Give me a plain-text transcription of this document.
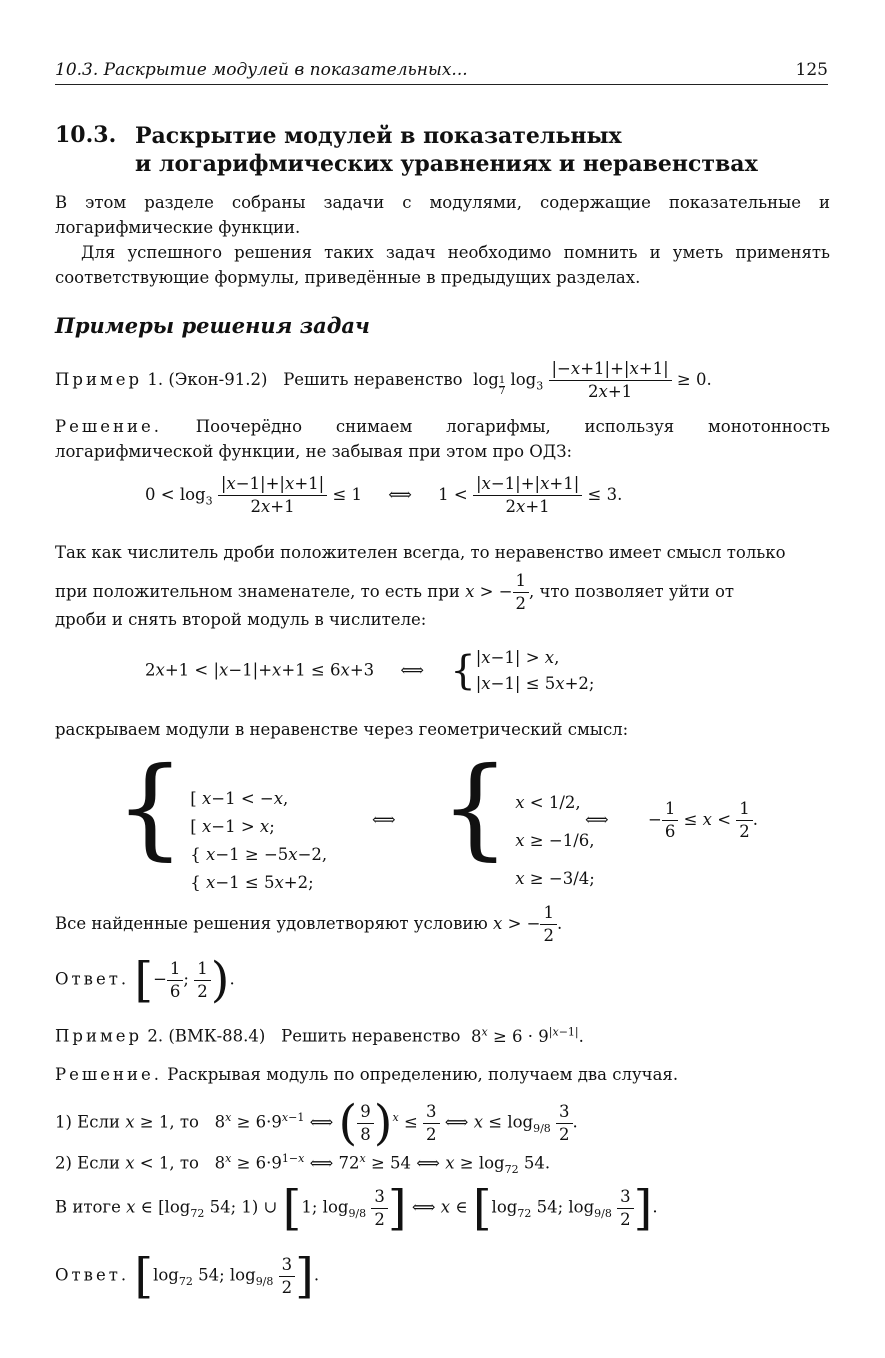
10.3. Раскрытие модулей в показательных...	125
10.3. Раскрытие модулей в показательных
и логарифмических уравнениях и неравенствах
В этом разделе собраны задачи с модулями, содержащие показательные и логарифмические функции.
Для успешного решения таких задач необходимо помнить и уметь применять соответствующие формулы, приведённые в предыдущих разделах.
Примеры решения задач
Пример 1. (Экон-91.2) Решить неравенство log $_{\frac{1}{7}}$ $\log_3 \frac{|-x+1|+|x+1|}{2x+1} \ge 0$.
Решение. Поочерёдно снимаем логарифмы, используя монотонность логарифмической функции, не забывая при этом про ОДЗ:
$0 < \log_3 \frac{|x-1|+|x+1|}{2x+1} \le 1$     ⟺     $1 < \frac{|x-1|+|x+1|}{2x+1} \le 3$.
Так как числитель дроби положителен всегда, то неравенство имеет смысл только
при положительном знаменателе, то есть при x > − $\frac{1}{2}$ , что позволяет уйти от
дроби и снять второй модуль в числителе:
2x+1 < |x−1|+x+1 ≤ 6x+3     ⟺     { |x−1| > x,
|x−1| ≤ 5x+2;
раскрываем модули в неравенстве через геометрический смысл:
{ [ x−1 < −x,
[ x−1 > x;
{ x−1 ≥ −5x−2,
{ x−1 ≤ 5x+2;
⟺ { x < 1/2,
x ≥ −1/6,
x ≥ −3/4;
⟺ − $\frac{1}{6} \le x < \frac{1}{2}$ .
Все найденные решения удовлетворяют условию x > − $\frac{1}{2}$ .
Ответ. [− $\frac{1}{6}$ ; $\frac{1}{2}$ ).
Пример 2. (ВМК-88.4) Решить неравенство $8^x \ge 6 \cdot 9^{|x-1|}$.
Решение. Раскрывая модуль по определению, получаем два случая.
1) Если x ≥ 1, то   $8^x \ge 6\cdot 9^{x-1}$ ⟺ ( $\frac{9}{8} )^x \le \frac{3}{2}$ ⟺ $x \le \log_{9/8} \frac{3}{2}$ .
2) Если x < 1, то   $8^x \ge 6\cdot 9^{1-x}$ ⟺ $72^x \ge 54$ ⟺ $x \ge \log_{72} 54$.
В итоге x ∈ [$\log_{72}$ 54; 1) ∪ [1; $\log_{9/8} \frac{3}{2}$ ] ⟺ x ∈ [$\log_{72}$ 54; $\log_{9/8} \frac{3}{2}$ ].
Ответ. [$\log_{72}$ 54; $\log_{9/8} \frac{3}{2}$ ].
